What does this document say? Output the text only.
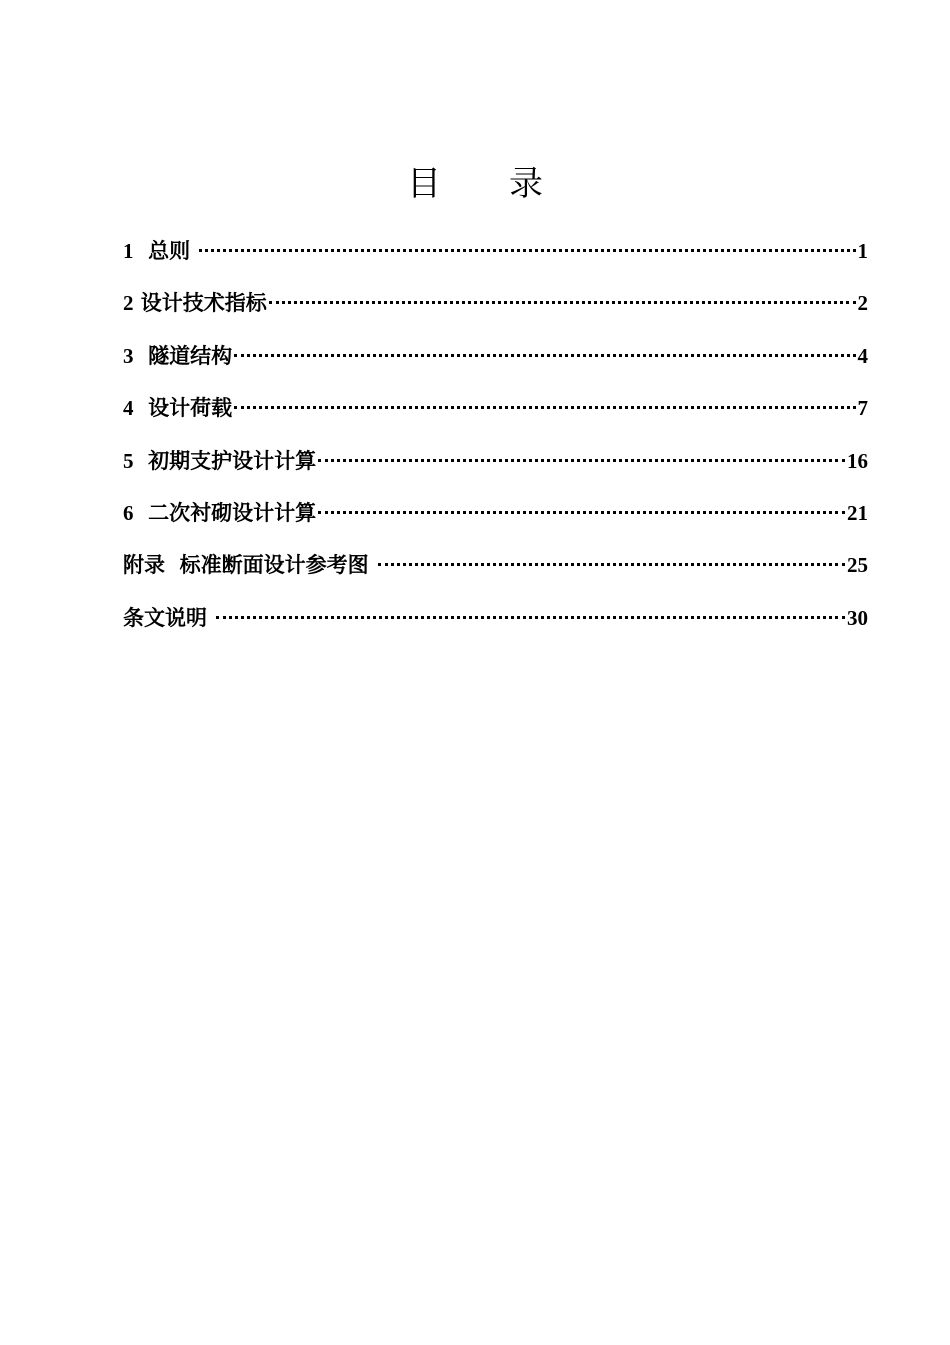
目　　录
1  总则	1
2 设计技术指标	2
3  隧道结构	4
4  设计荷载	7
5  初期支护设计计算	16
6  二次衬砌设计计算	21
附录  标准断面设计参考图	25
条文说明	30
